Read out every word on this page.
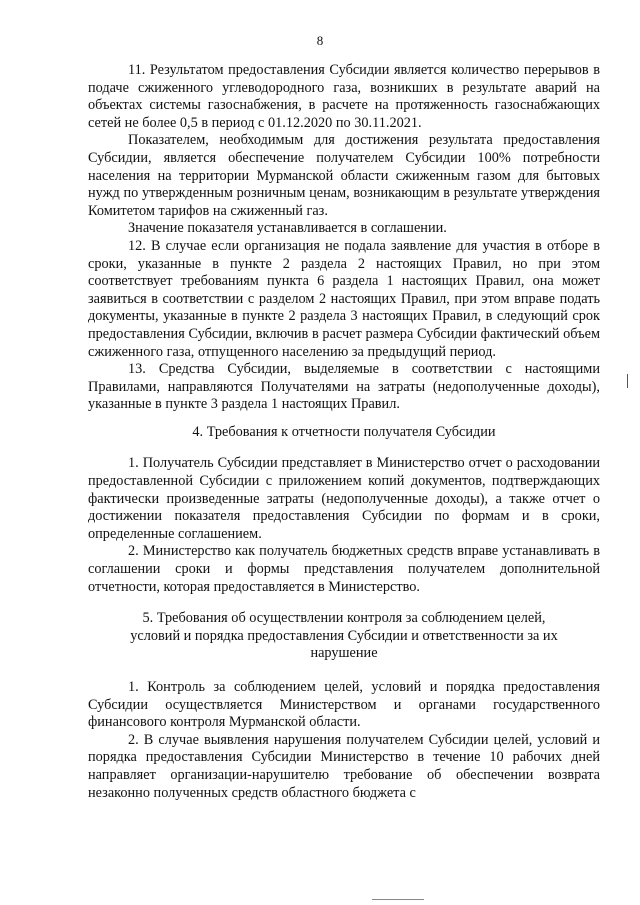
8

11. Результатом предоставления Субсидии является количество перерывов в подаче сжиженного углеводородного газа, возникших в результате аварий на объектах системы газоснабжения, в расчете на протяженность газоснабжающих сетей не более 0,5 в период с 01.12.2020 по 30.11.2021.

Показателем, необходимым для достижения результата предоставления Субсидии, является обеспечение получателем Субсидии 100% потребности населения на территории Мурманской области сжиженным газом для бытовых нужд по утвержденным розничным ценам, возникающим в результате утверждения Комитетом тарифов на сжиженный газ.

Значение показателя устанавливается в соглашении.

12. В случае если организация не подала заявление для участия в отборе в сроки, указанные в пункте 2 раздела 2 настоящих Правил, но при этом соответствует требованиям пункта 6 раздела 1 настоящих Правил, она может заявиться в соответствии с разделом 2 настоящих Правил, при этом вправе подать документы, указанные в пункте 2 раздела 3 настоящих Правил, в следующий срок предоставления Субсидии, включив в расчет размера Субсидии фактический объем сжиженного газа, отпущенного населению за предыдущий период.

13. Средства Субсидии, выделяемые в соответствии с настоящими Правилами, направляются Получателями на затраты (недополученные доходы), указанные в пункте 3 раздела 1 настоящих Правил.

4. Требования к отчетности получателя Субсидии

1. Получатель Субсидии представляет в Министерство отчет о расходовании предоставленной Субсидии с приложением копий документов, подтверждающих фактически произведенные затраты (недополученные доходы), а также отчет о достижении показателя предоставления Субсидии по формам и в сроки, определенные соглашением.

2. Министерство как получатель бюджетных средств вправе устанавливать в соглашении сроки и формы представления получателем дополнительной отчетности, которая предоставляется в Министерство.

5. Требования об осуществлении контроля за соблюдением целей,
условий и порядка предоставления Субсидии и ответственности за их
нарушение

1. Контроль за соблюдением целей, условий и порядка предоставления Субсидии осуществляется Министерством и органами государственного финансового контроля Мурманской области.

2. В случае выявления нарушения получателем Субсидии целей, условий и порядка предоставления Субсидии Министерство в течение 10 рабочих дней направляет организации-нарушителю требование об обеспечении возврата незаконно полученных средств областного бюджета с
